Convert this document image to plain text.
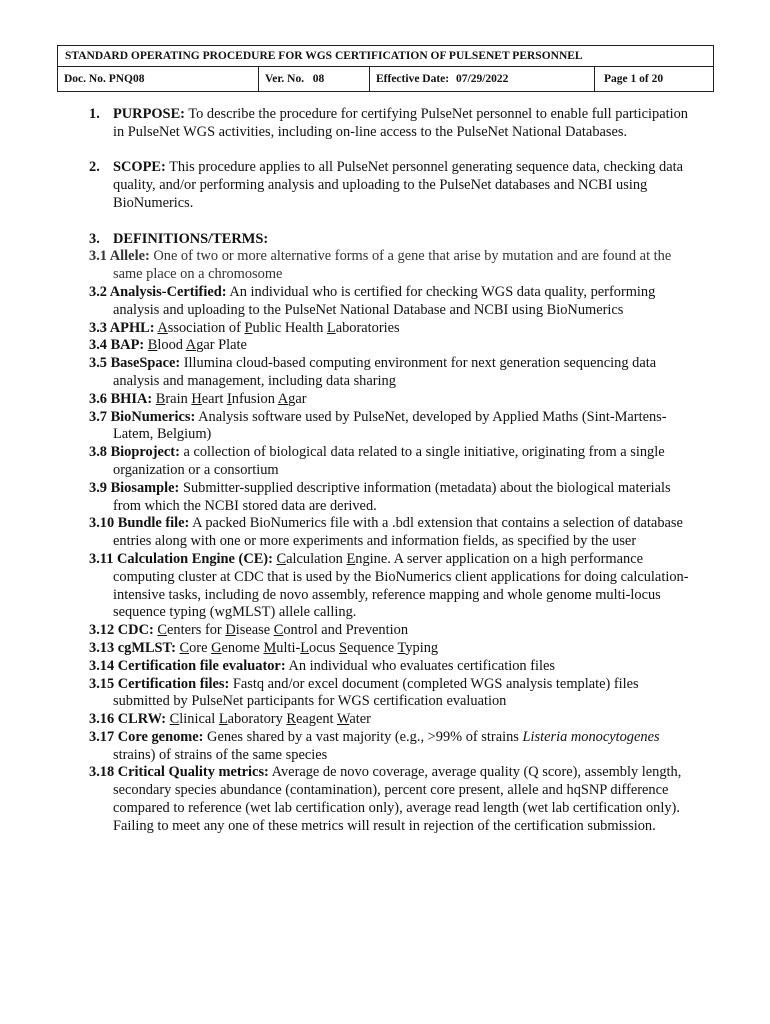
STANDARD OPERATING PROCEDURE FOR WGS CERTIFICATION OF PULSENET PERSONNEL
Doc. No. PNQ08	Ver. No.   08	Effective Date: 07/29/2022	Page 1 of 20
1. PURPOSE: To describe the procedure for certifying PulseNet personnel to enable full participation in PulseNet WGS activities, including on-line access to the PulseNet National Databases.
2. SCOPE: This procedure applies to all PulseNet personnel generating sequence data, checking data quality, and/or performing analysis and uploading to the PulseNet databases and NCBI using BioNumerics.
3. DEFINITIONS/TERMS:
3.1 Allele: One of two or more alternative forms of a gene that arise by mutation and are found at the same place on a chromosome
3.2 Analysis-Certified: An individual who is certified for checking WGS data quality, performing analysis and uploading to the PulseNet National Database and NCBI using BioNumerics
3.3 APHL: Association of Public Health Laboratories
3.4 BAP: Blood Agar Plate
3.5 BaseSpace: Illumina cloud-based computing environment for next generation sequencing data analysis and management, including data sharing
3.6 BHIA: Brain Heart Infusion Agar
3.7 BioNumerics: Analysis software used by PulseNet, developed by Applied Maths (Sint-Martens-Latem, Belgium)
3.8 Bioproject: a collection of biological data related to a single initiative, originating from a single organization or a consortium
3.9 Biosample: Submitter-supplied descriptive information (metadata) about the biological materials from which the NCBI stored data are derived.
3.10 Bundle file: A packed BioNumerics file with a .bdl extension that contains a selection of database entries along with one or more experiments and information fields, as specified by the user
3.11 Calculation Engine (CE): Calculation Engine. A server application on a high performance computing cluster at CDC that is used by the BioNumerics client applications for doing calculation-intensive tasks, including de novo assembly, reference mapping and whole genome multi-locus sequence typing (wgMLST) allele calling.
3.12 CDC: Centers for Disease Control and Prevention
3.13 cgMLST: Core Genome Multi-Locus Sequence Typing
3.14 Certification file evaluator: An individual who evaluates certification files
3.15 Certification files: Fastq and/or excel document (completed WGS analysis template) files submitted by PulseNet participants for WGS certification evaluation
3.16 CLRW: Clinical Laboratory Reagent Water
3.17 Core genome: Genes shared by a vast majority (e.g., >99% of strains Listeria monocytogenes strains) of strains of the same species
3.18 Critical Quality metrics: Average de novo coverage, average quality (Q score), assembly length, secondary species abundance (contamination), percent core present, allele and hqSNP difference compared to reference (wet lab certification only), average read length (wet lab certification only). Failing to meet any one of these metrics will result in rejection of the certification submission.
